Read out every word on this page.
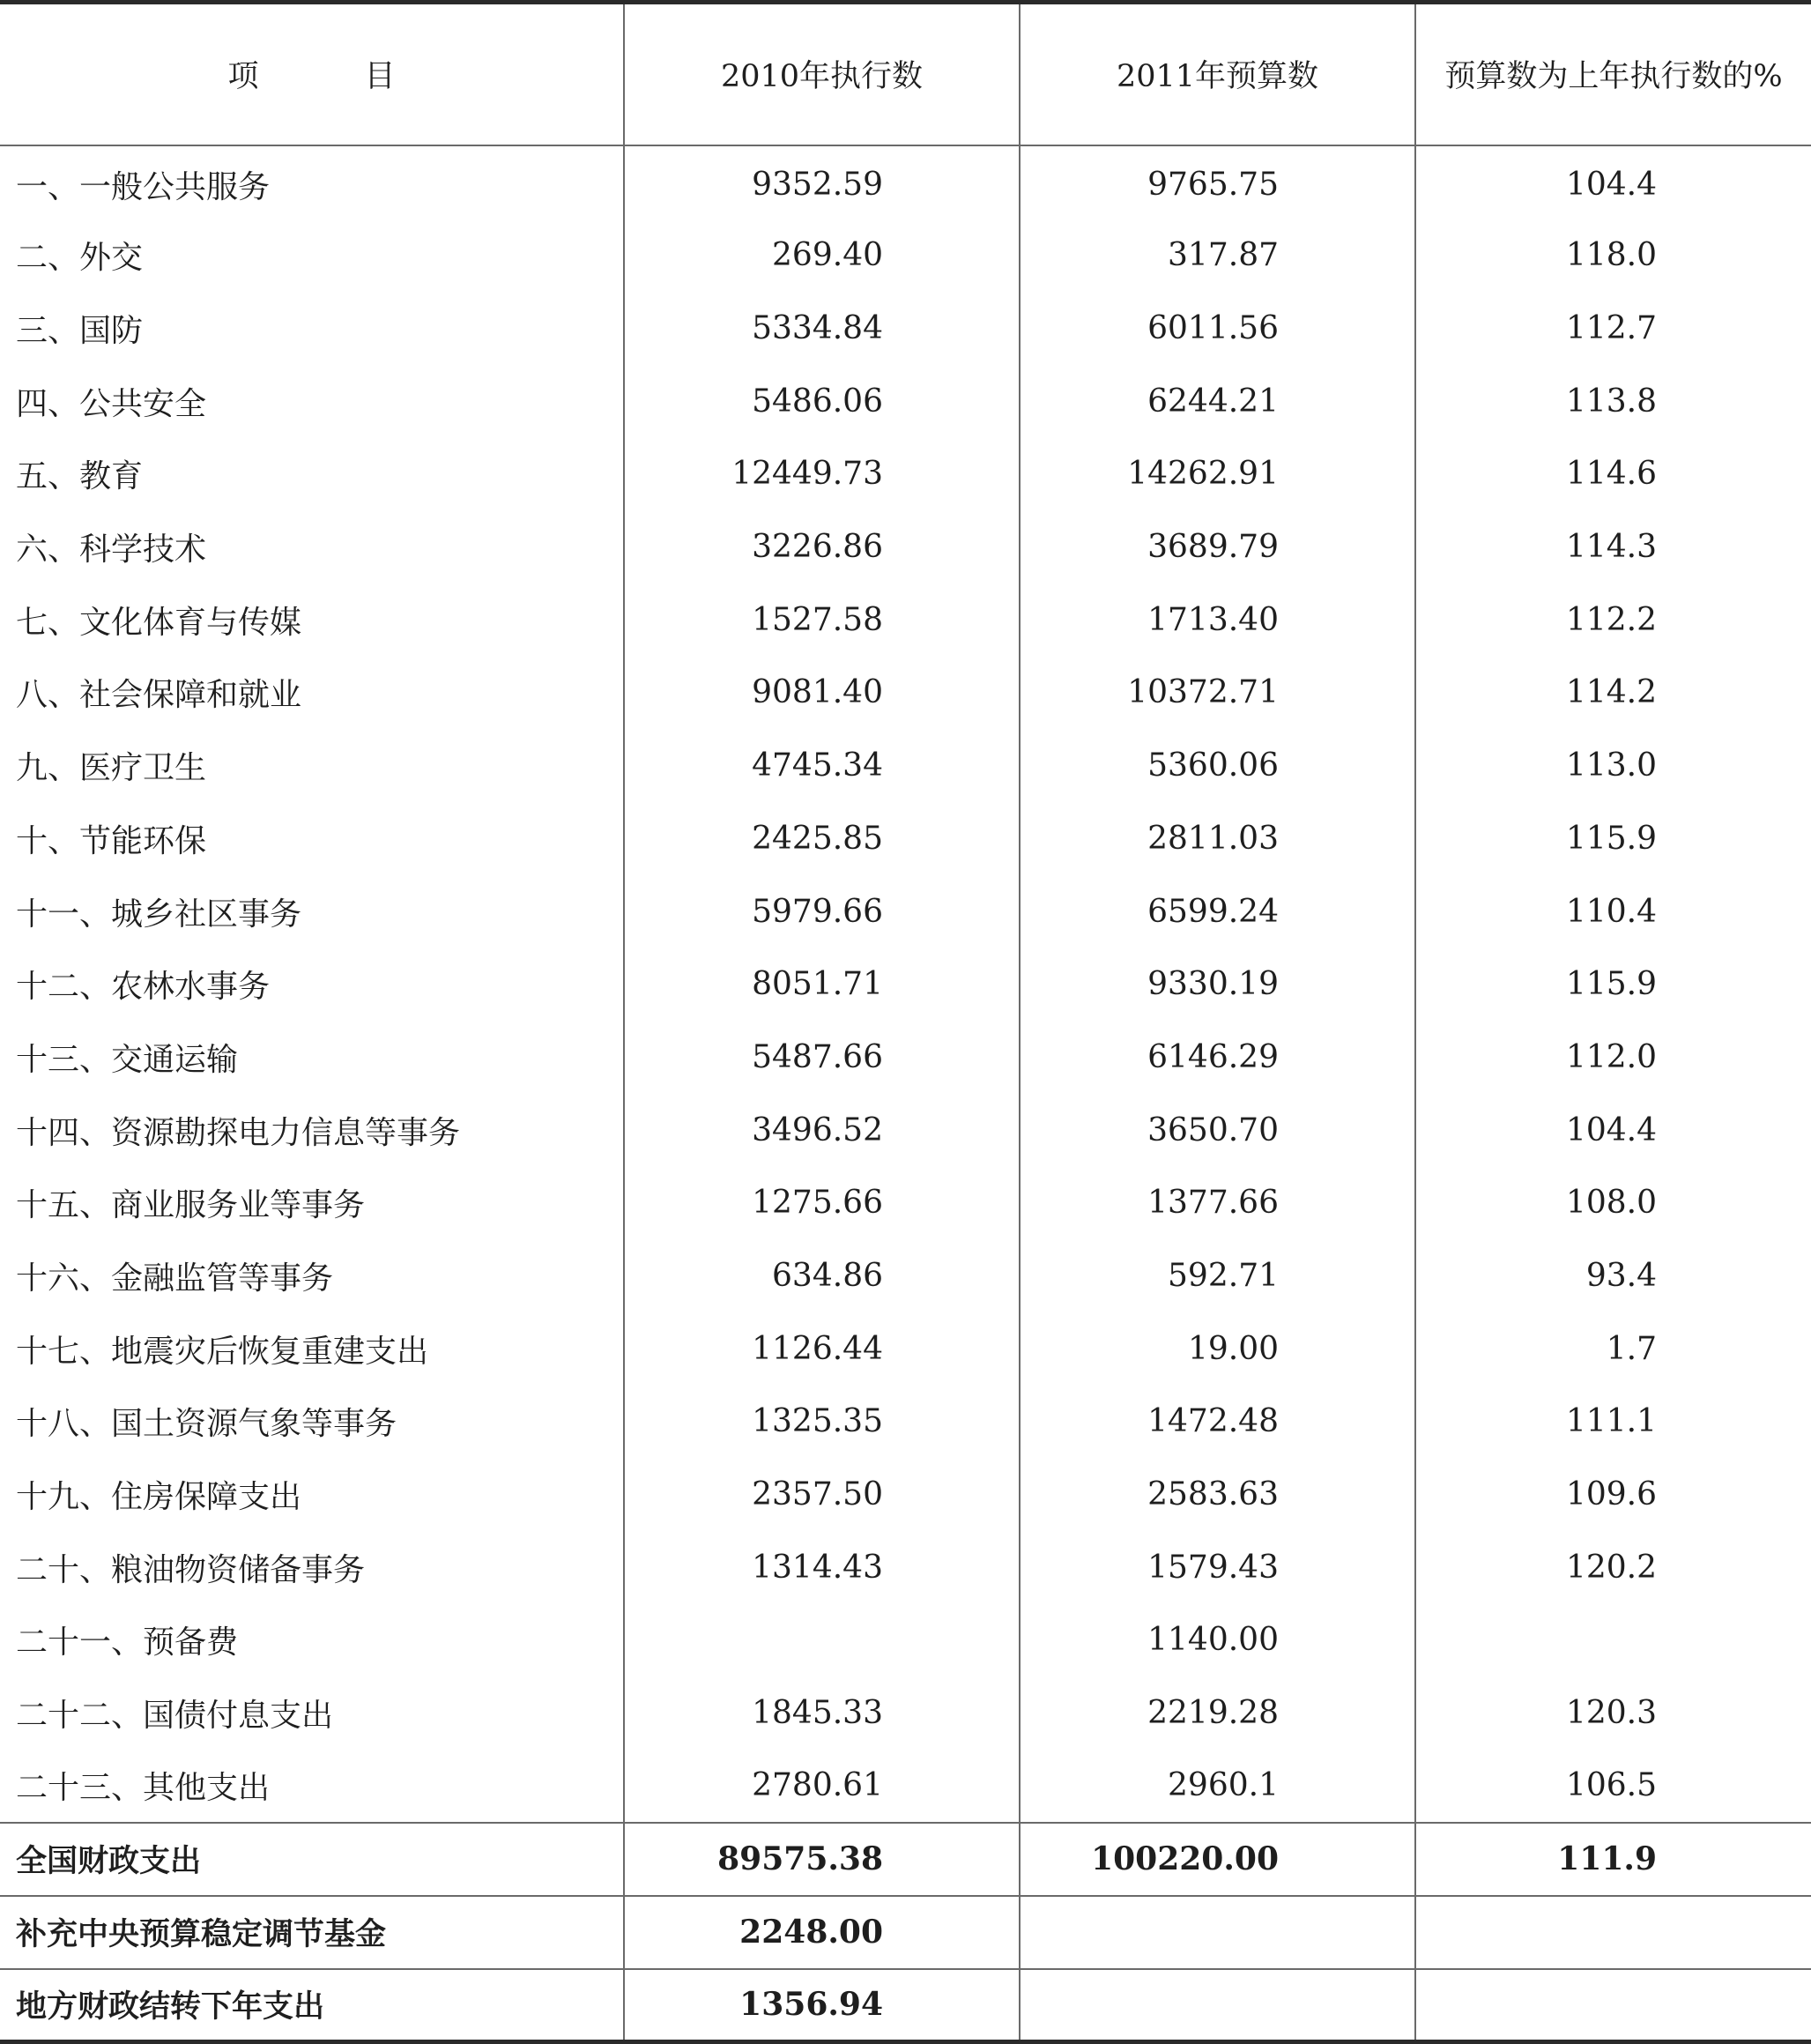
项 目	2010年执行数	2011年预算数	预算数为上年执行数的%
一、一般公共服务	9352.59	9765.75	104.4
二、外交	269.40	317.87	118.0
三、国防	5334.84	6011.56	112.7
四、公共安全	5486.06	6244.21	113.8
五、教育	12449.73	14262.91	114.6
六、科学技术	3226.86	3689.79	114.3
七、文化体育与传媒	1527.58	1713.40	112.2
八、社会保障和就业	9081.40	10372.71	114.2
九、医疗卫生	4745.34	5360.06	113.0
十、节能环保	2425.85	2811.03	115.9
十一、城乡社区事务	5979.66	6599.24	110.4
十二、农林水事务	8051.71	9330.19	115.9
十三、交通运输	5487.66	6146.29	112.0
十四、资源勘探电力信息等事务	3496.52	3650.70	104.4
十五、商业服务业等事务	1275.66	1377.66	108.0
十六、金融监管等事务	634.86	592.71	93.4
十七、地震灾后恢复重建支出	1126.44	19.00	1.7
十八、国土资源气象等事务	1325.35	1472.48	111.1
十九、住房保障支出	2357.50	2583.63	109.6
二十、粮油物资储备事务	1314.43	1579.43	120.2
二十一、预备费		1140.00	
二十二、国债付息支出	1845.33	2219.28	120.3
二十三、其他支出	2780.61	2960.1	106.5
全国财政支出	89575.38	100220.00	111.9
补充中央预算稳定调节基金	2248.00		
地方财政结转下年支出	1356.94		
